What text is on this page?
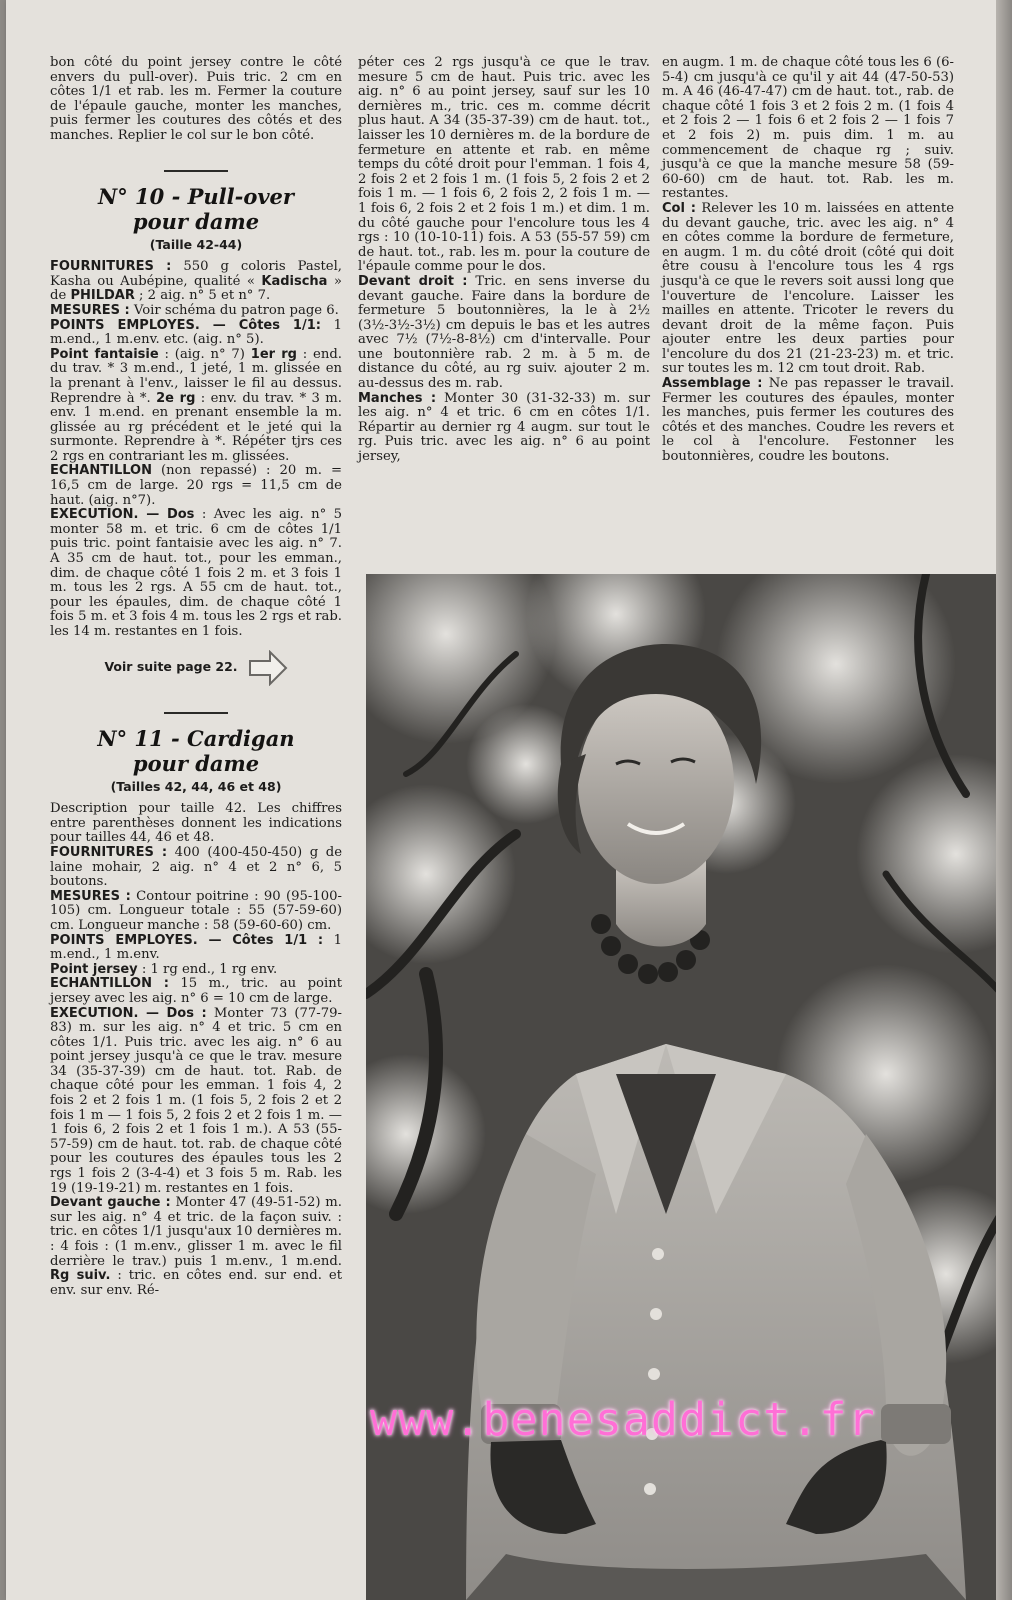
bon côté du point jersey contre le côté envers du pull-over). Puis tric. 2 cm en côtes 1/1 et rab. les m. Fermer la couture de l'épaule gauche, monter les manches, puis fermer les coutures des côtés et des manches. Replier le col sur le bon côté.

N° 10 - Pull-over
pour dame
(Taille 42-44)

FOURNITURES : 550 g coloris Pastel, Kasha ou Aubépine, qualité « Kadischa » de PHILDAR ; 2 aig. n° 5 et n° 7.

MESURES : Voir schéma du patron page 6.

POINTS EMPLOYES. — Côtes 1/1: 1 m.end., 1 m.env. etc. (aig. n° 5).

Point fantaisie : (aig. n° 7) 1er rg : end. du trav. * 3 m.end., 1 jeté, 1 m. glissée en la prenant à l'env., laisser le fil au dessus. Reprendre à *. 2e rg : env. du trav. * 3 m. env. 1 m.end. en prenant ensemble la m. glissée au rg précédent et le jeté qui la surmonte. Reprendre à *. Répéter tjrs ces 2 rgs en contrariant les m. glissées.

ECHANTILLON (non repassé) : 20 m. = 16,5 cm de large. 20 rgs = 11,5 cm de haut. (aig. n°7).

EXECUTION. — Dos : Avec les aig. n° 5 monter 58 m. et tric. 6 cm de côtes 1/1 puis tric. point fantaisie avec les aig. n° 7. A 35 cm de haut. tot., pour les emman., dim. de chaque côté 1 fois 2 m. et 3 fois 1 m. tous les 2 rgs. A 55 cm de haut. tot., pour les épaules, dim. de chaque côté 1 fois 5 m. et 3 fois 4 m. tous les 2 rgs et rab. les 14 m. restantes en 1 fois.

Voir suite page 22.
N° 11 - Cardigan
pour dame
(Tailles 42, 44, 46 et 48)

Description pour taille 42. Les chiffres entre parenthèses donnent les indications pour tailles 44, 46 et 48.

FOURNITURES : 400 (400-450-450) g de laine mohair, 2 aig. n° 4 et 2 n° 6, 5 boutons.

MESURES : Contour poitrine : 90 (95-100-105) cm. Longueur totale : 55 (57-59-60) cm. Longueur manche : 58 (59-60-60) cm.

POINTS EMPLOYES. — Côtes 1/1 : 1 m.end., 1 m.env.

Point jersey : 1 rg end., 1 rg env.

ECHANTILLON : 15 m., tric. au point jersey avec les aig. n° 6 = 10 cm de large.

EXECUTION. — Dos : Monter 73 (77-79-83) m. sur les aig. n° 4 et tric. 5 cm en côtes 1/1. Puis tric. avec les aig. n° 6 au point jersey jusqu'à ce que le trav. mesure 34 (35-37-39) cm de haut. tot. Rab. de chaque côté pour les emman. 1 fois 4, 2 fois 2 et 2 fois 1 m. (1 fois 5, 2 fois 2 et 2 fois 1 m — 1 fois 5, 2 fois 2 et 2 fois 1 m. — 1 fois 6, 2 fois 2 et 1 fois 1 m.). A 53 (55-57-59) cm de haut. tot. rab. de chaque côté pour les coutures des épaules tous les 2 rgs 1 fois 2 (3-4-4) et 3 fois 5 m. Rab. les 19 (19-19-21) m. restantes en 1 fois.

Devant gauche : Monter 47 (49-51-52) m. sur les aig. n° 4 et tric. de la façon suiv. : tric. en côtes 1/1 jusqu'aux 10 dernières m. : 4 fois : (1 m.env., glisser 1 m. avec le fil derrière le trav.) puis 1 m.env., 1 m.end. Rg suiv. : tric. en côtes end. sur end. et env. sur env. Ré-

péter ces 2 rgs jusqu'à ce que le trav. mesure 5 cm de haut. Puis tric. avec les aig. n° 6 au point jersey, sauf sur les 10 dernières m., tric. ces m. comme décrit plus haut. A 34 (35-37-39) cm de haut. tot., laisser les 10 dernières m. de la bordure de fermeture en attente et rab. en même temps du côté droit pour l'emman. 1 fois 4, 2 fois 2 et 2 fois 1 m. (1 fois 5, 2 fois 2 et 2 fois 1 m. — 1 fois 6, 2 fois 2, 2 fois 1 m. — 1 fois 6, 2 fois 2 et 2 fois 1 m.) et dim. 1 m. du côté gauche pour l'encolure tous les 4 rgs : 10 (10-10-11) fois. A 53 (55-57 59) cm de haut. tot., rab. les m. pour la couture de l'épaule comme pour le dos.

Devant droit : Tric. en sens inverse du devant gauche. Faire dans la bordure de fermeture 5 boutonnières, la le à 2½ (3½-3½-3½) cm depuis le bas et les autres avec 7½ (7½-8-8½) cm d'intervalle. Pour une boutonnière rab. 2 m. à 5 m. de distance du côté, au rg suiv. ajouter 2 m. au-dessus des m. rab.

Manches : Monter 30 (31-32-33) m. sur les aig. n° 4 et tric. 6 cm en côtes 1/1. Répartir au dernier rg 4 augm. sur tout le rg. Puis tric. avec les aig. n° 6 au point jersey,

en augm. 1 m. de chaque côté tous les 6 (6-5-4) cm jusqu'à ce qu'il y ait 44 (47-50-53) m. A 46 (46-47-47) cm de haut. tot., rab. de chaque côté 1 fois 3 et 2 fois 2 m. (1 fois 4 et 2 fois 2 — 1 fois 6 et 2 fois 2 — 1 fois 7 et 2 fois 2) m. puis dim. 1 m. au commencement de chaque rg ; suiv. jusqu'à ce que la manche mesure 58 (59-60-60) cm de haut. tot. Rab. les m. restantes.

Col : Relever les 10 m. laissées en attente du devant gauche, tric. avec les aig. n° 4 en côtes comme la bordure de fermeture, en augm. 1 m. du côté droit (côté qui doit être cousu à l'encolure tous les 4 rgs jusqu'à ce que le revers soit aussi long que l'ouverture de l'encolure. Laisser les mailles en attente. Tricoter le revers du devant droit de la même façon. Puis ajouter entre les deux parties pour l'encolure du dos 21 (21-23-23) m. et tric. sur toutes les m. 12 cm tout droit. Rab.

Assemblage : Ne pas repasser le travail. Fermer les coutures des épaules, monter les manches, puis fermer les coutures des côtés et des manches. Coudre les revers et le col à l'encolure. Festonner les boutonnières, coudre les boutons.

www.benesaddict.fr
